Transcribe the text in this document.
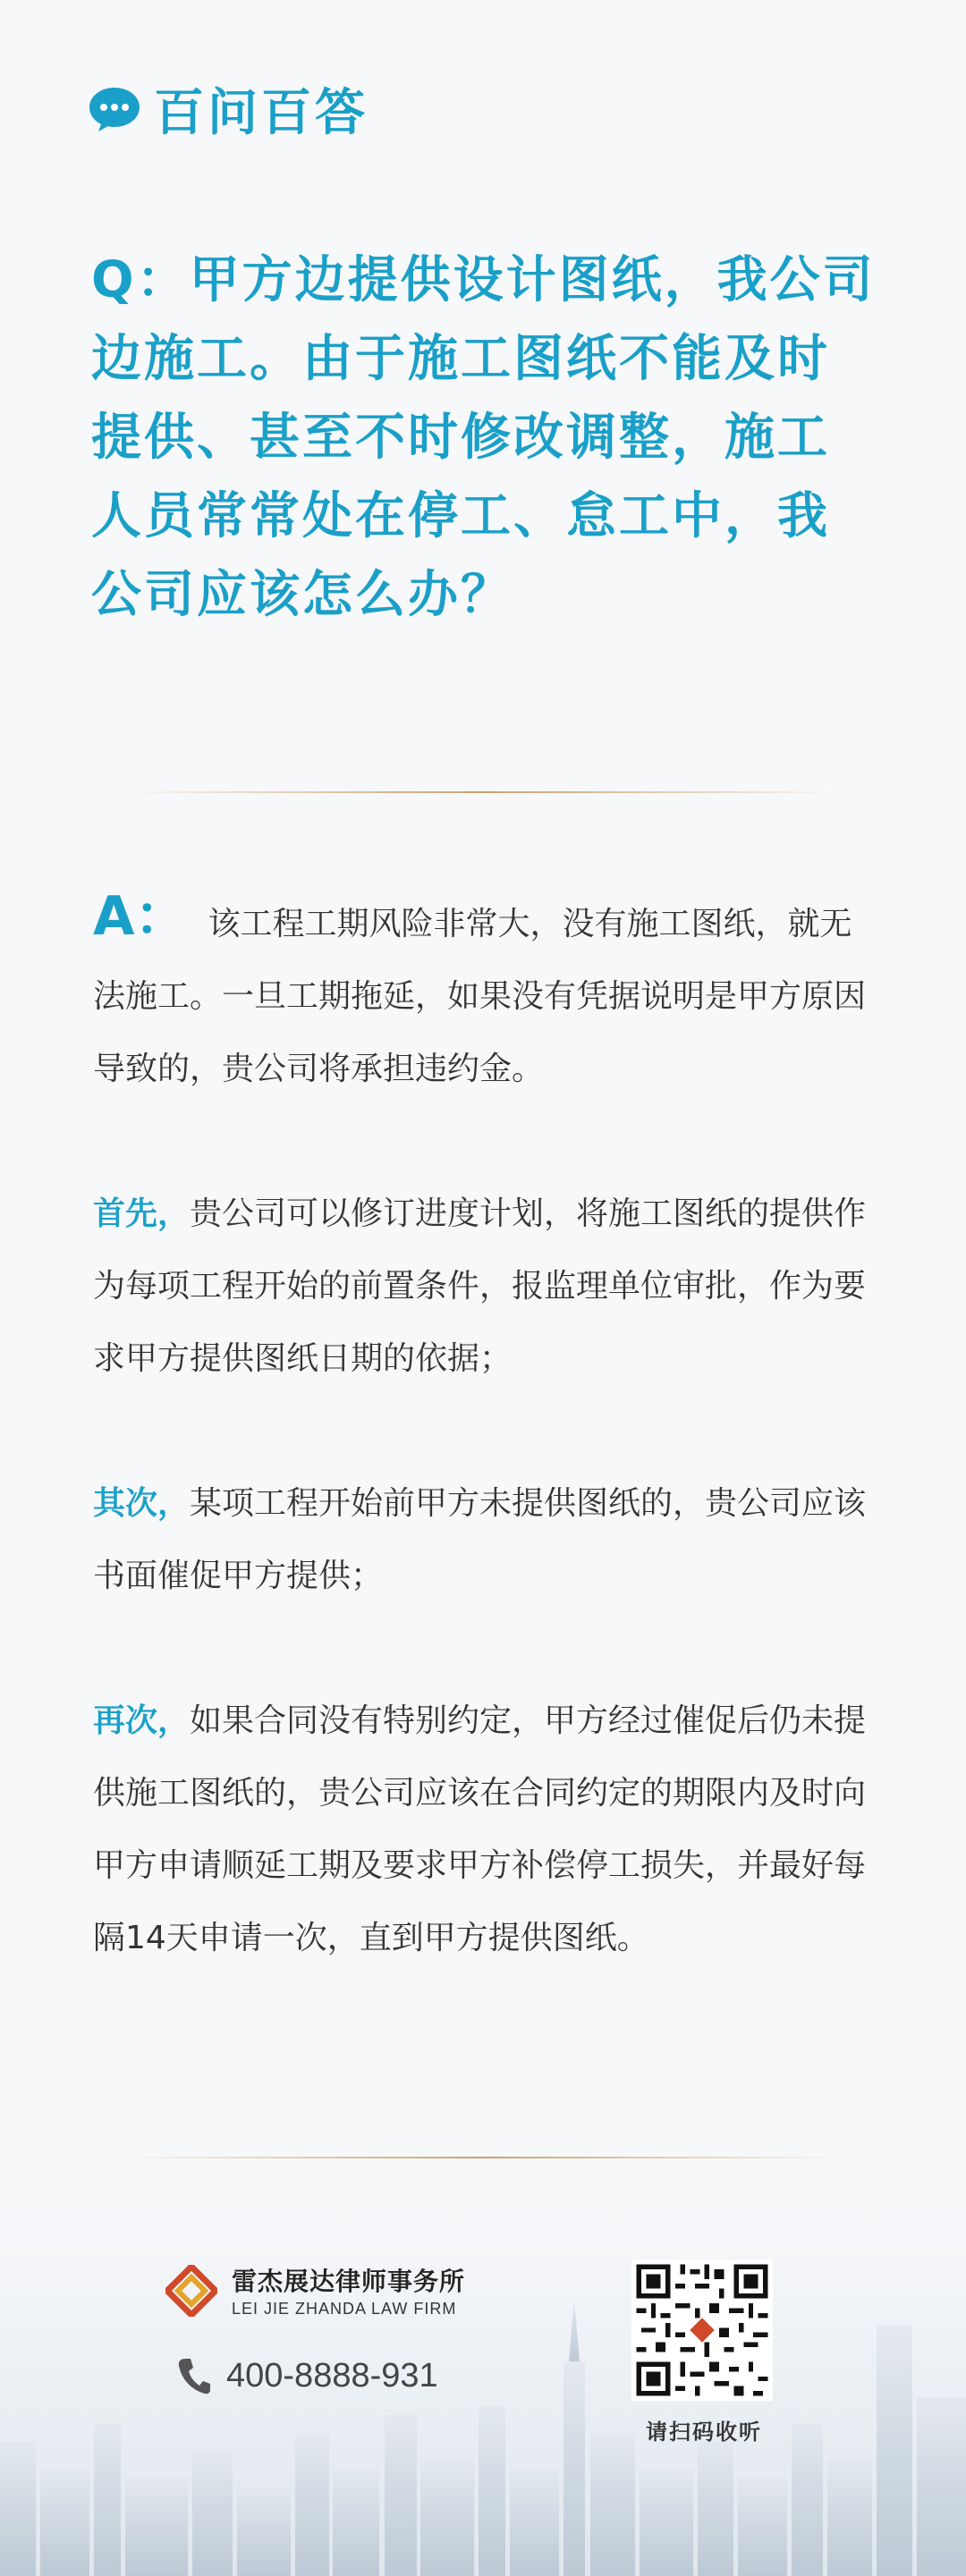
百问百答
Q：甲方边提供设计图纸，我公司边施工。由于施工图纸不能及时提供、甚至不时修改调整，施工人员常常处在停工、怠工中，我公司应该怎么办？

A： 该工程工期风险非常大，没有施工图纸，就无法施工。一旦工期拖延，如果没有凭据说明是甲方原因导致的，贵公司将承担违约金。

首先，贵公司可以修订进度计划，将施工图纸的提供作为每项工程开始的前置条件，报监理单位审批，作为要求甲方提供图纸日期的依据；

其次，某项工程开始前甲方未提供图纸的，贵公司应该书面催促甲方提供；

再次，如果合同没有特别约定，甲方经过催促后仍未提供施工图纸的，贵公司应该在合同约定的期限内及时向甲方申请顺延工期及要求甲方补偿停工损失，并最好每隔14天申请一次，直到甲方提供图纸。

雷杰展达律师事务所
LEI JIE ZHANDA LAW FIRM
400-8888-931
请扫码收听
